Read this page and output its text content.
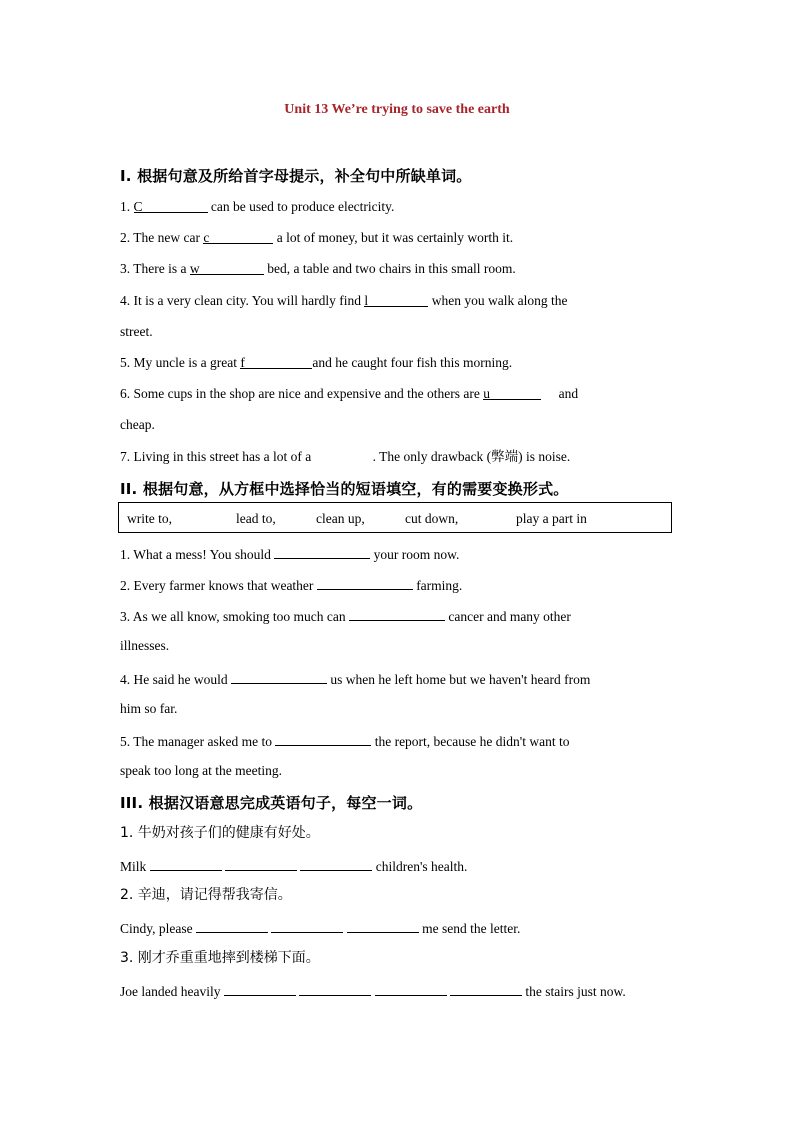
Unit 13 We’re trying to save the earth
Ⅰ. 根据句意及所给首字母提示，补全句中所缺单词。
1. C	can be used to produce electricity.
2. The new car c	a lot of money, but it was certainly worth it.
3. There is a w	bed, a table and two chairs in this small room.
4. It is a very clean city. You will hardly find l	when you walk along the
street.
5. My uncle is a great f	and he caught four fish this morning.
6. Some cups in the shop are nice and expensive and the others are u	and
cheap.
7. Living in this street has a lot of a	. The only drawback (弊端) is noise.
II. 根据句意，从方框中选择恰当的短语填空，有的需要变换形式。
write to,	lead to,	clean up,	cut down,	play a part in
1. What a mess! You should	your room now.
2. Every farmer knows that weather	farming.
3. As we all know, smoking too much can	cancer and many other
illnesses.
4. He said he would	us when he left home but we haven't heard from
him so far.
5. The manager asked me to	the report, because he didn't want to
speak too long at the meeting.
III. 根据汉语意思完成英语句子，每空一词。
1. 牛奶对孩子们的健康有好处。
Milk	children's health.
2. 辛迪，请记得帮我寄信。
Cindy, please	me send the letter.
3. 刚才乔重重地摔到楼梯下面。
Joe landed heavily	the stairs just now.
